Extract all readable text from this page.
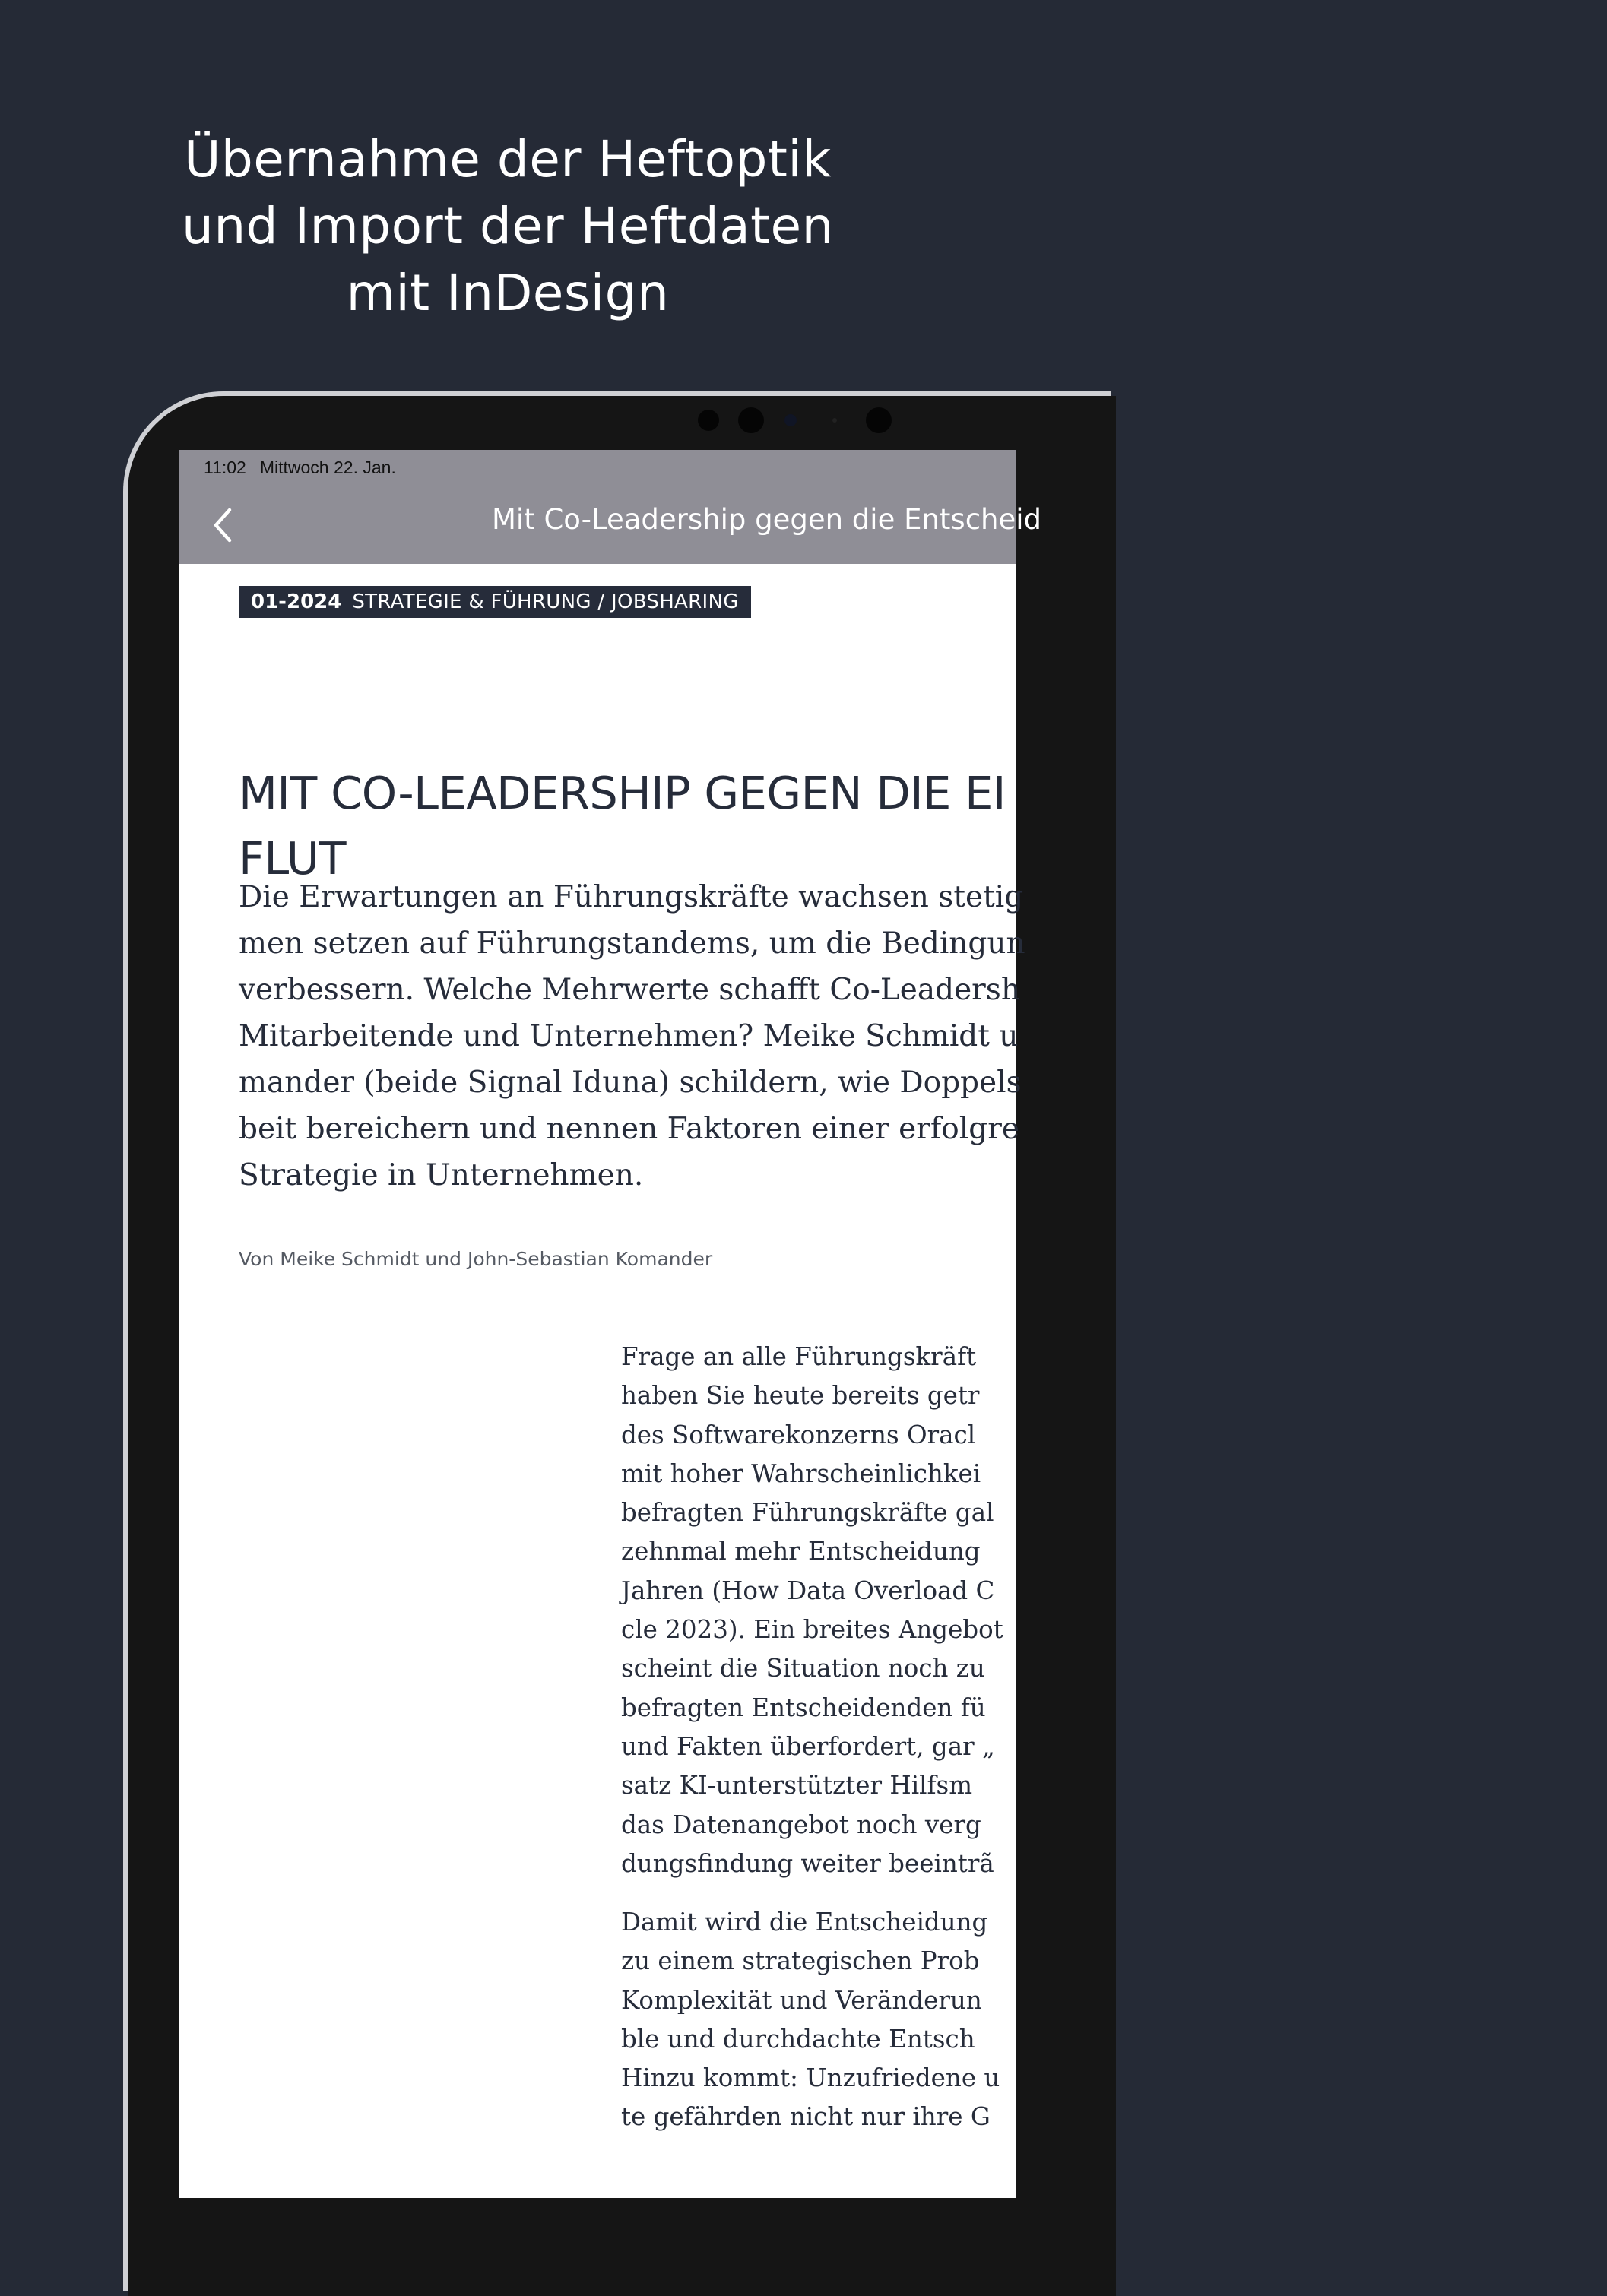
Übernahme der Heftoptik
und Import der Heftdaten
mit InDesign
11:02 Mittwoch 22. Jan.
Mit Co-Leadership gegen die Entscheid
01-2024 STRATEGIE & FÜHRUNG / JOBSHARING
MIT CO-LEADERSHIP GEGEN DIE EI
FLUT
Die Erwartungen an Führungskräfte wachsen stetig
men setzen auf Führungstandems, um die Bedingun
verbessern. Welche Mehrwerte schafft Co-Leadersh
Mitarbeitende und Unternehmen? Meike Schmidt u
mander (beide Signal Iduna) schildern, wie Doppels
beit bereichern und nennen Faktoren einer erfolgre
Strategie in Unternehmen.
Von Meike Schmidt und John-Sebastian Komander
Frage an alle Führungskräft
haben Sie heute bereits getr
des Softwarekonzerns Oracl
mit hoher Wahrscheinlichkei
befragten Führungskräfte gal
zehnmal mehr Entscheidung
Jahren (How Data Overload C
cle 2023). Ein breites Angebot
scheint die Situation noch zu
befragten Entscheidenden fü
und Fakten überfordert, gar „
satz KI-unterstützter Hilfsm
das Datenangebot noch verg
dungsfindung weiter beeintrã
Damit wird die Entscheidung
zu einem strategischen Prob
Komplexität und Veränderun
ble und durchdachte Entsch
Hinzu kommt: Unzufriedene u
te gefährden nicht nur ihre G
